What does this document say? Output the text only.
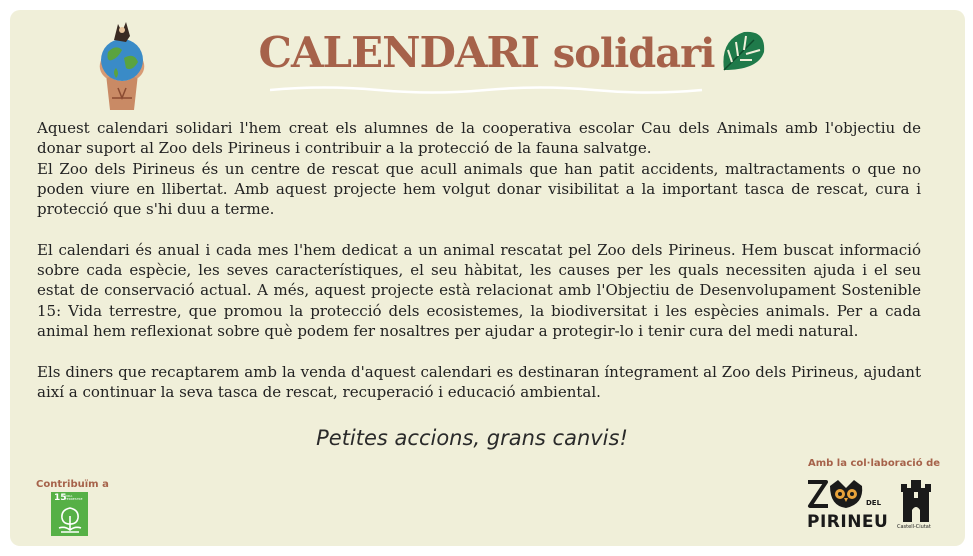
CALENDARI solidari

Aquest calendari solidari l'hem creat els alumnes de la cooperativa escolar Cau dels Animals amb l'objectiu de donar suport al Zoo dels Pirineus i contribuir a la protecció de la fauna salvatge.

El Zoo dels Pirineus és un centre de rescat que acull animals que han patit accidents, maltractaments o que no poden viure en llibertat. Amb aquest projecte hem volgut donar visibilitat a la important tasca de rescat, cura i protecció que s'hi duu a terme.

El calendari és anual i cada mes l'hem dedicat a un animal rescatat pel Zoo dels Pirineus. Hem buscat informació sobre cada espècie, les seves característiques, el seu hàbitat, les causes per les quals necessiten ajuda i el seu estat de conservació actual. A més, aquest projecte està relacionat amb l'Objectiu de Desenvolupament Sostenible 15: Vida terrestre, que promou la protecció dels ecosistemes, la biodiversitat i les espècies animals. Per a cada animal hem reflexionat sobre què podem fer nosaltres per ajudar a protegir-lo i tenir cura del medi natural.

Els diners que recaptarem amb la venda d'aquest calendari es destinaran íntegrament al Zoo dels Pirineus, ajudant així a continuar la seva tasca de rescat, recuperació i educació ambiental.

Petites accions, grans canvis!
Contribuïm a
15
VIDA TERRESTRE
Amb la col·laboració de
DEL
PIRINEU Castell-Ciutat
